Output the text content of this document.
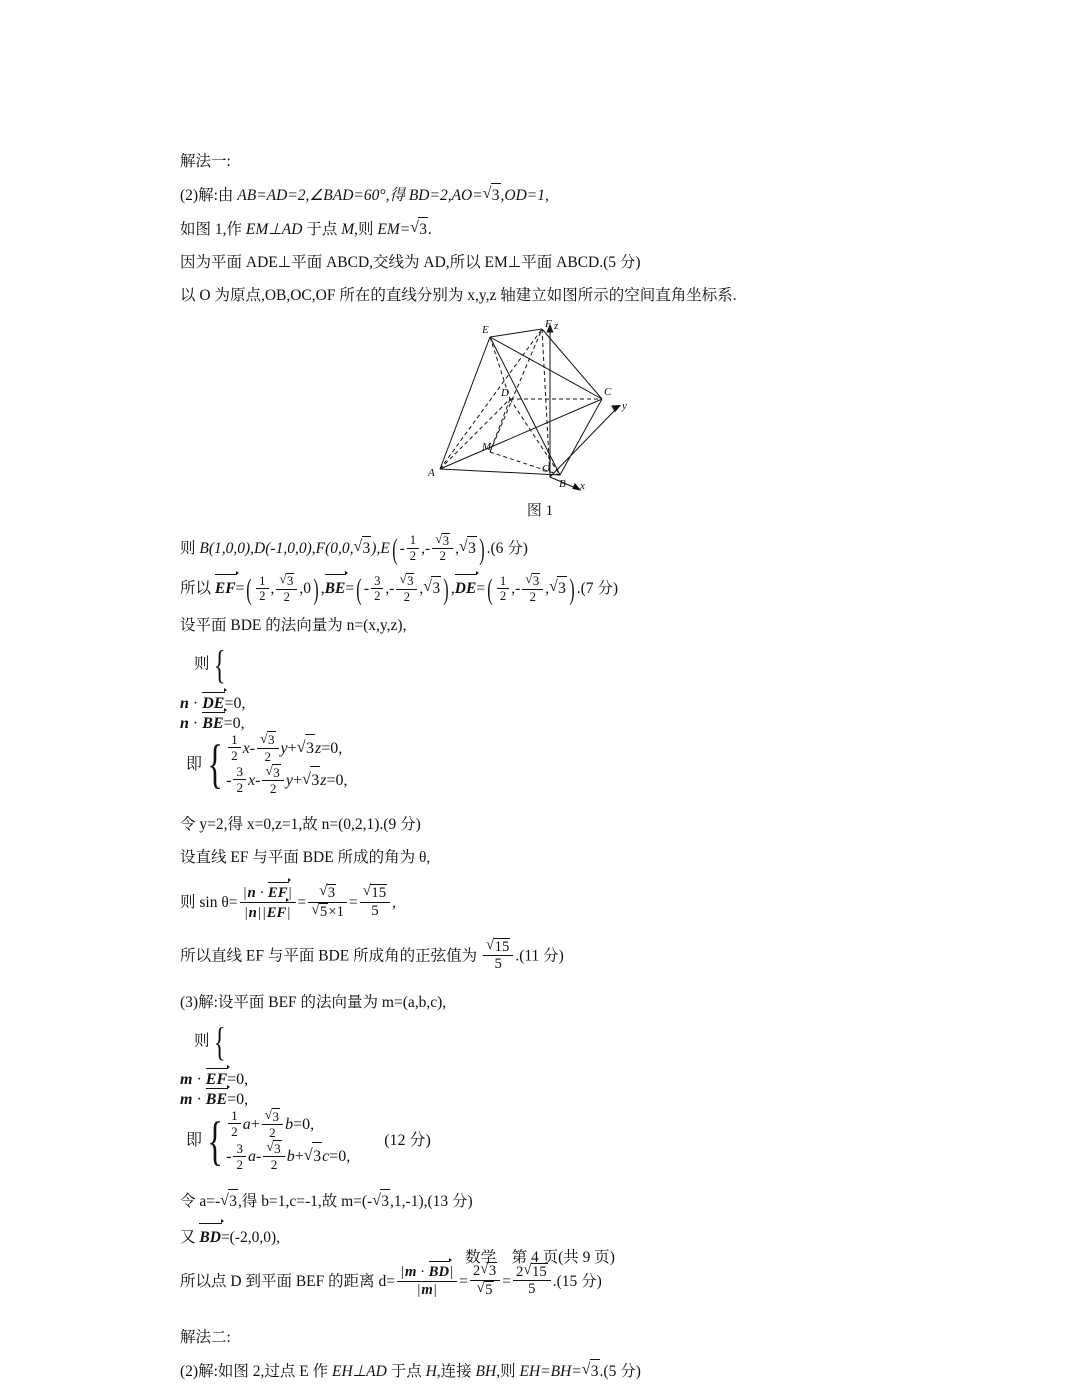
解法一:

(2)解:由 AB=AD=2,∠BAD=60°,得 BD=2,AO= √ 3,OD=1,

如图 1,作 EM⊥AD 于点 M,则 EM= √ 3.

因为平面 ADE⊥平面 ABCD,交线为 AD,所以 EM⊥平面 ABCD.(5 分)

以 O 为原点,OB,OC,OF 所在的直线分别为 x,y,z 轴建立如图所示的空间直角坐标系.

z
F
E
D	C
y
M
O
A
B x

图 1

则 B(1,0,0),D(-1,0,0),F(0,0, √ $3),E( - \frac{1}{2}$ ,- √ $\frac{3}{2}$ , √ 3 ) .(6 分)

所以 EF
=( $\frac{1}{2}$ , √ $\frac{3}{2} ,0$) ,BE
=( - $\frac{3}{2}$ ,- √ $\frac{3}{2}$ , √ 3 ) ,DE
=( $\frac{1}{2}$ ,- √ $\frac{3}{2}$ , √ 3 ) .(7 分)

设平面 BDE 的法向量为 n=(x,y,z),

则 {

n · DE
=0,
n · BE
=0,
即 { $\frac{1}{2} x-$ √ $\frac{3}{2} y+$ √ 3z=0,
- $\frac{3}{2} x-$ √ $\frac{3}{2} y+$ √ 3z=0,

令 y=2,得 x=0,z=1,故 n=(0,2,1).(9 分)

设直线 EF 与平面 BDE 所成的角为 θ,

则 sin θ= |n · EF
|
|n| |EF
| = √ 3
√ 5×1 = √ $\frac{15}{5}$ ,

所以直线 EF 与平面 BDE 所成角的正弦值为 √ $\frac{15}{5} .(11$ 分)

(3)解:设平面 BEF 的法向量为 m=(a,b,c),

则 {

m · EF
=0,
m · BE
=0,
即 { $\frac{1}{2} a+$ √ $\frac{3}{2} b=0$,
- $\frac{3}{2} a-$ √ $\frac{3}{2} b+$ √ 3c=0,
(12 分)

令 a=- √ 3,得 b=1,c=-1,故 m=(- √ 3,1,-1),(13 分)

又 BD
=(-2,0,0),

所以点 D 到平面 BEF 的距离 d= |m · BD
|
|m| = 2 √ 3
√ $5 = \frac{2 √ 15}{5} .(15$ 分)

解法二:

(2)解:如图 2,过点 E 作 EH⊥AD 于点 H,连接 BH,则 EH=BH= √ 3.(5 分)

数学　第 4 页(共 9 页)
